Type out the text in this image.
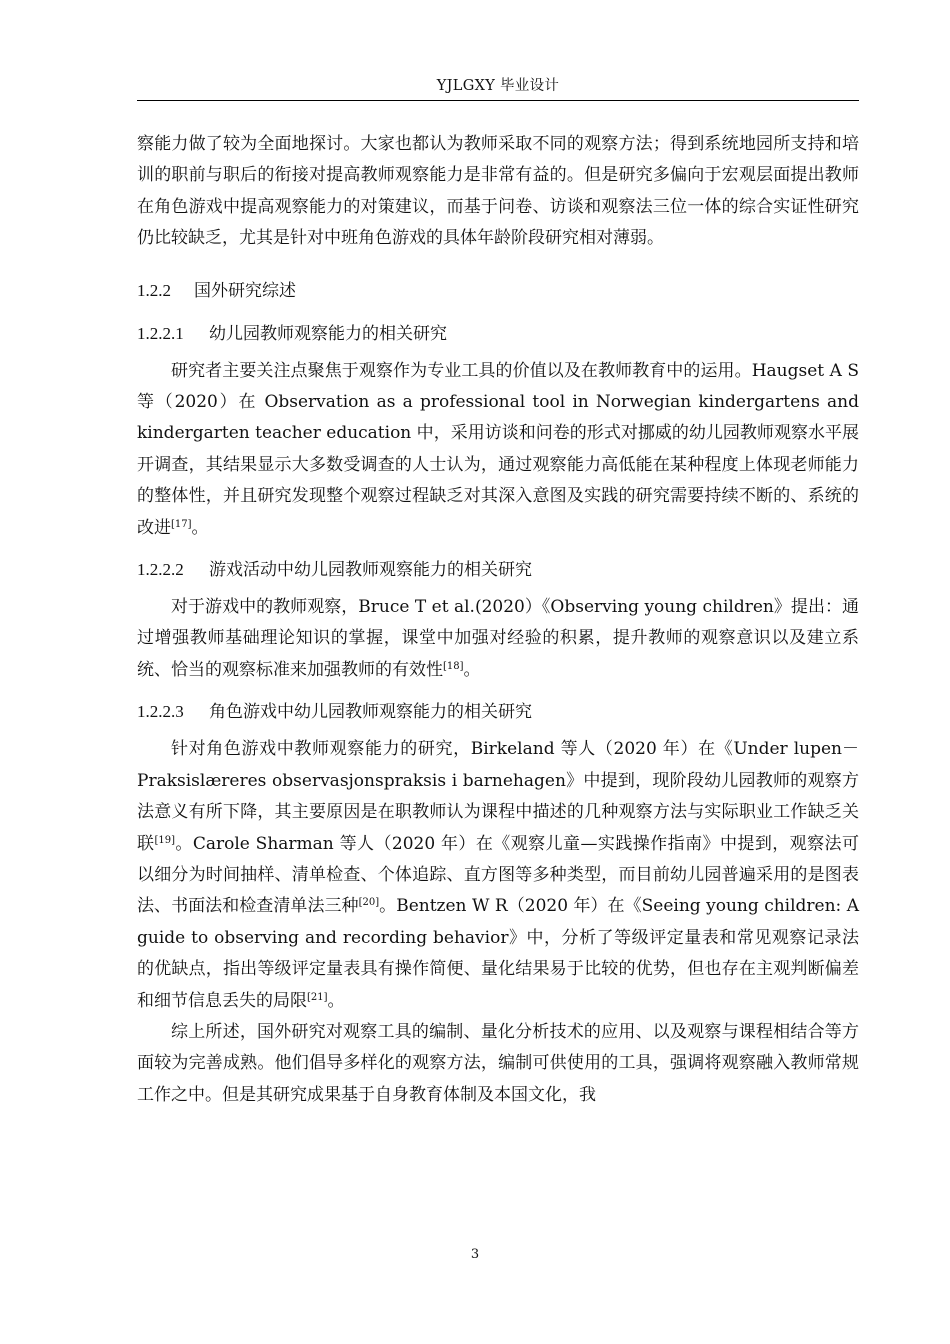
YJLGXY 毕业设计

察能力做了较为全面地探讨。大家也都认为教师采取不同的观察方法；得到系统地园所支持和培训的职前与职后的衔接对提高教师观察能力是非常有益的。但是研究多偏向于宏观层面提出教师在角色游戏中提高观察能力的对策建议，而基于问卷、访谈和观察法三位一体的综合实证性研究仍比较缺乏，尤其是针对中班角色游戏的具体年龄阶段研究相对薄弱。

1.2.2 国外研究综述
1.2.2.1 幼儿园教师观察能力的相关研究

研究者主要关注点聚焦于观察作为专业工具的价值以及在教师教育中的运用。Haugset A S 等（2020）在 Observation as a professional tool in Norwegian kindergartens and kindergarten teacher education 中，采用访谈和问卷的形式对挪威的幼儿园教师观察水平展开调查，其结果显示大多数受调查的人士认为，通过观察能力高低能在某种程度上体现老师能力的整体性，并且研究发现整个观察过程缺乏对其深入意图及实践的研究需要持续不断的、系统的改进[17]。

1.2.2.2 游戏活动中幼儿园教师观察能力的相关研究

对于游戏中的教师观察，Bruce T et al.(2020）《Observing young children》提出：通过增强教师基础理论知识的掌握，课堂中加强对经验的积累，提升教师的观察意识以及建立系统、恰当的观察标准来加强教师的有效性[18]。

1.2.2.3 角色游戏中幼儿园教师观察能力的相关研究

针对角色游戏中教师观察能力的研究，Birkeland 等人（2020 年）在《Under lupen－Praksislæreres observasjonspraksis i barnehagen》中提到，现阶段幼儿园教师的观察方法意义有所下降，其主要原因是在职教师认为课程中描述的几种观察方法与实际职业工作缺乏关联[19]。Carole Sharman 等人（2020 年）在《观察儿童—实践操作指南》中提到，观察法可以细分为时间抽样、清单检查、个体追踪、直方图等多种类型，而目前幼儿园普遍采用的是图表法、书面法和检查清单法三种[20]。Bentzen W R（2020 年）在《Seeing young children: A guide to observing and recording behavior》中，分析了等级评定量表和常见观察记录法的优缺点，指出等级评定量表具有操作简便、量化结果易于比较的优势，但也存在主观判断偏差和细节信息丢失的局限[21]。

综上所述，国外研究对观察工具的编制、量化分析技术的应用、以及观察与课程相结合等方面较为完善成熟。他们倡导多样化的观察方法，编制可供使用的工具，强调将观察融入教师常规工作之中。但是其研究成果基于自身教育体制及本国文化，我

3
